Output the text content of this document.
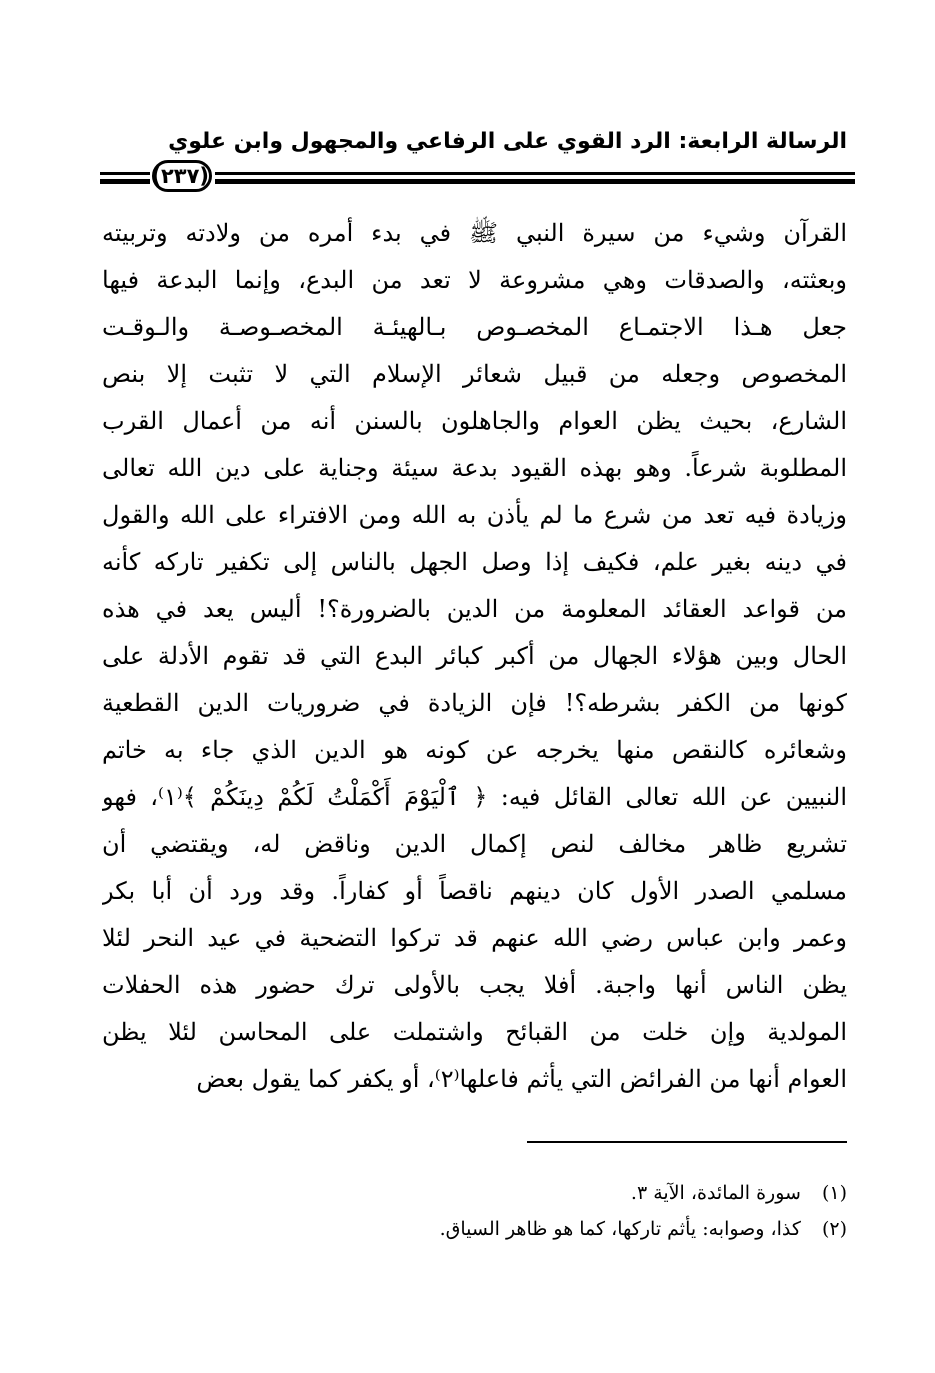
الرسالة الرابعة: الرد القوي على الرفاعي والمجهول وابن علوي
(٢٣٧)
القرآن وشيء من سيرة النبي ﷺ في بدء أمره من ولادته وتربيته
وبعثته، والصدقات وهي مشروعة لا تعد من البدع، وإنما البدعة فيها
جعل هـذا الاجتمـاع المخصـوص بـالهيئـة المخصـوصـة والـوقـت
المخصوص وجعله من قبيل شعائر الإسلام التي لا تثبت إلا بنص
الشارع، بحيث يظن العوام والجاهلون بالسنن أنه من أعمال القرب
المطلوبة شرعاً. وهو بهذه القيود بدعة سيئة وجناية على دين الله تعالى
وزيادة فيه تعد من شرع ما لم يأذن به الله ومن الافتراء على الله والقول
في دينه بغير علم، فكيف إذا وصل الجهل بالناس إلى تكفير تاركه كأنه
من قواعد العقائد المعلومة من الدين بالضرورة؟! أليس يعد في هذه
الحال وبين هؤلاء الجهال من أكبر كبائر البدع التي قد تقوم الأدلة على
كونها من الكفر بشرطه؟! فإن الزيادة في ضروريات الدين القطعية
وشعائره كالنقص منها يخرجه عن كونه هو الدين الذي جاء به خاتم
النبيين عن الله تعالى القائل فيه: ﴿ ٱلْيَوْمَ أَكْمَلْتُ لَكُمْ دِينَكُمْ ﴾⁽١⁾، فهو
تشريع ظاهر مخالف لنص إكمال الدين وناقض له، ويقتضي أن
مسلمي الصدر الأول كان دينهم ناقصاً أو كفاراً. وقد ورد أن أبا بكر
وعمر وابن عباس رضي الله عنهم قد تركوا التضحية في عيد النحر لئلا
يظن الناس أنها واجبة. أفلا يجب بالأولى ترك حضور هذه الحفلات
المولدية وإن خلت من القبائح واشتملت على المحاسن لئلا يظن
العوام أنها من الفرائض التي يأثم فاعلها⁽٢⁾، أو يكفر كما يقول بعض
(١) سورة المائدة، الآية ٣.
(٢) كذا، وصوابه: يأثم تاركها، كما هو ظاهر السياق.
